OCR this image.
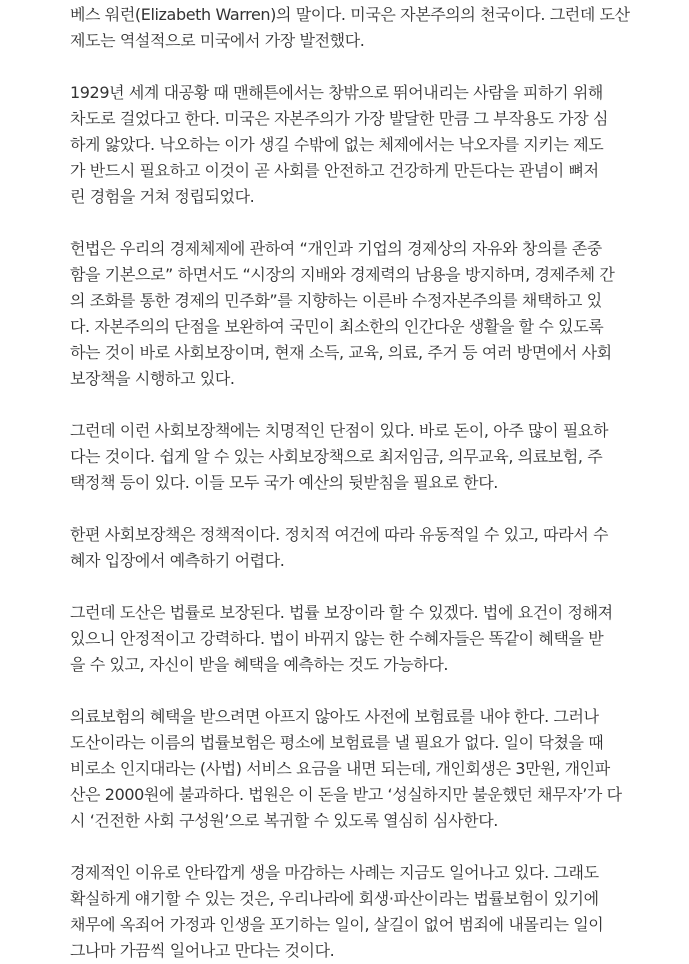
베스 워런(Elizabeth Warren)의 말이다. 미국은 자본주의의 천국이다. 그런데 도산
제도는 역설적으로 미국에서 가장 발전했다.

1929년 세계 대공황 때 맨해튼에서는 창밖으로 뛰어내리는 사람을 피하기 위해
차도로 걸었다고 한다. 미국은 자본주의가 가장 발달한 만큼 그 부작용도 가장 심
하게 앓았다. 낙오하는 이가 생길 수밖에 없는 체제에서는 낙오자를 지키는 제도
가 반드시 필요하고 이것이 곧 사회를 안전하고 건강하게 만든다는 관념이 뼈저
린 경험을 거쳐 정립되었다.

헌법은 우리의 경제체제에 관하여 “개인과 기업의 경제상의 자유와 창의를 존중
함을 기본으로” 하면서도 “시장의 지배와 경제력의 남용을 방지하며, 경제주체 간
의 조화를 통한 경제의 민주화”를 지향하는 이른바 수정자본주의를 채택하고 있
다. 자본주의의 단점을 보완하여 국민이 최소한의 인간다운 생활을 할 수 있도록
하는 것이 바로 사회보장이며, 현재 소득, 교육, 의료, 주거 등 여러 방면에서 사회
보장책을 시행하고 있다.

그런데 이런 사회보장책에는 치명적인 단점이 있다. 바로 돈이, 아주 많이 필요하
다는 것이다. 쉽게 알 수 있는 사회보장책으로 최저임금, 의무교육, 의료보험, 주
택정책 등이 있다. 이들 모두 국가 예산의 뒷받침을 필요로 한다.

한편 사회보장책은 정책적이다. 정치적 여건에 따라 유동적일 수 있고, 따라서 수
혜자 입장에서 예측하기 어렵다.

그런데 도산은 법률로 보장된다. 법률 보장이라 할 수 있겠다. 법에 요건이 정해져
있으니 안정적이고 강력하다. 법이 바뀌지 않는 한 수혜자들은 똑같이 혜택을 받
을 수 있고, 자신이 받을 혜택을 예측하는 것도 가능하다.

의료보험의 혜택을 받으려면 아프지 않아도 사전에 보험료를 내야 한다. 그러나
도산이라는 이름의 법률보험은 평소에 보험료를 낼 필요가 없다. 일이 닥쳤을 때
비로소 인지대라는 (사법) 서비스 요금을 내면 되는데, 개인회생은 3만원, 개인파
산은 2000원에 불과하다. 법원은 이 돈을 받고 ‘성실하지만 불운했던 채무자’가 다
시 ‘건전한 사회 구성원’으로 복귀할 수 있도록 열심히 심사한다.

경제적인 이유로 안타깝게 생을 마감하는 사례는 지금도 일어나고 있다. 그래도
확실하게 얘기할 수 있는 것은, 우리나라에 회생·파산이라는 법률보험이 있기에
채무에 옥죄어 가정과 인생을 포기하는 일이, 살길이 없어 범죄에 내몰리는 일이
그나마 가끔씩 일어나고 만다는 것이다.
